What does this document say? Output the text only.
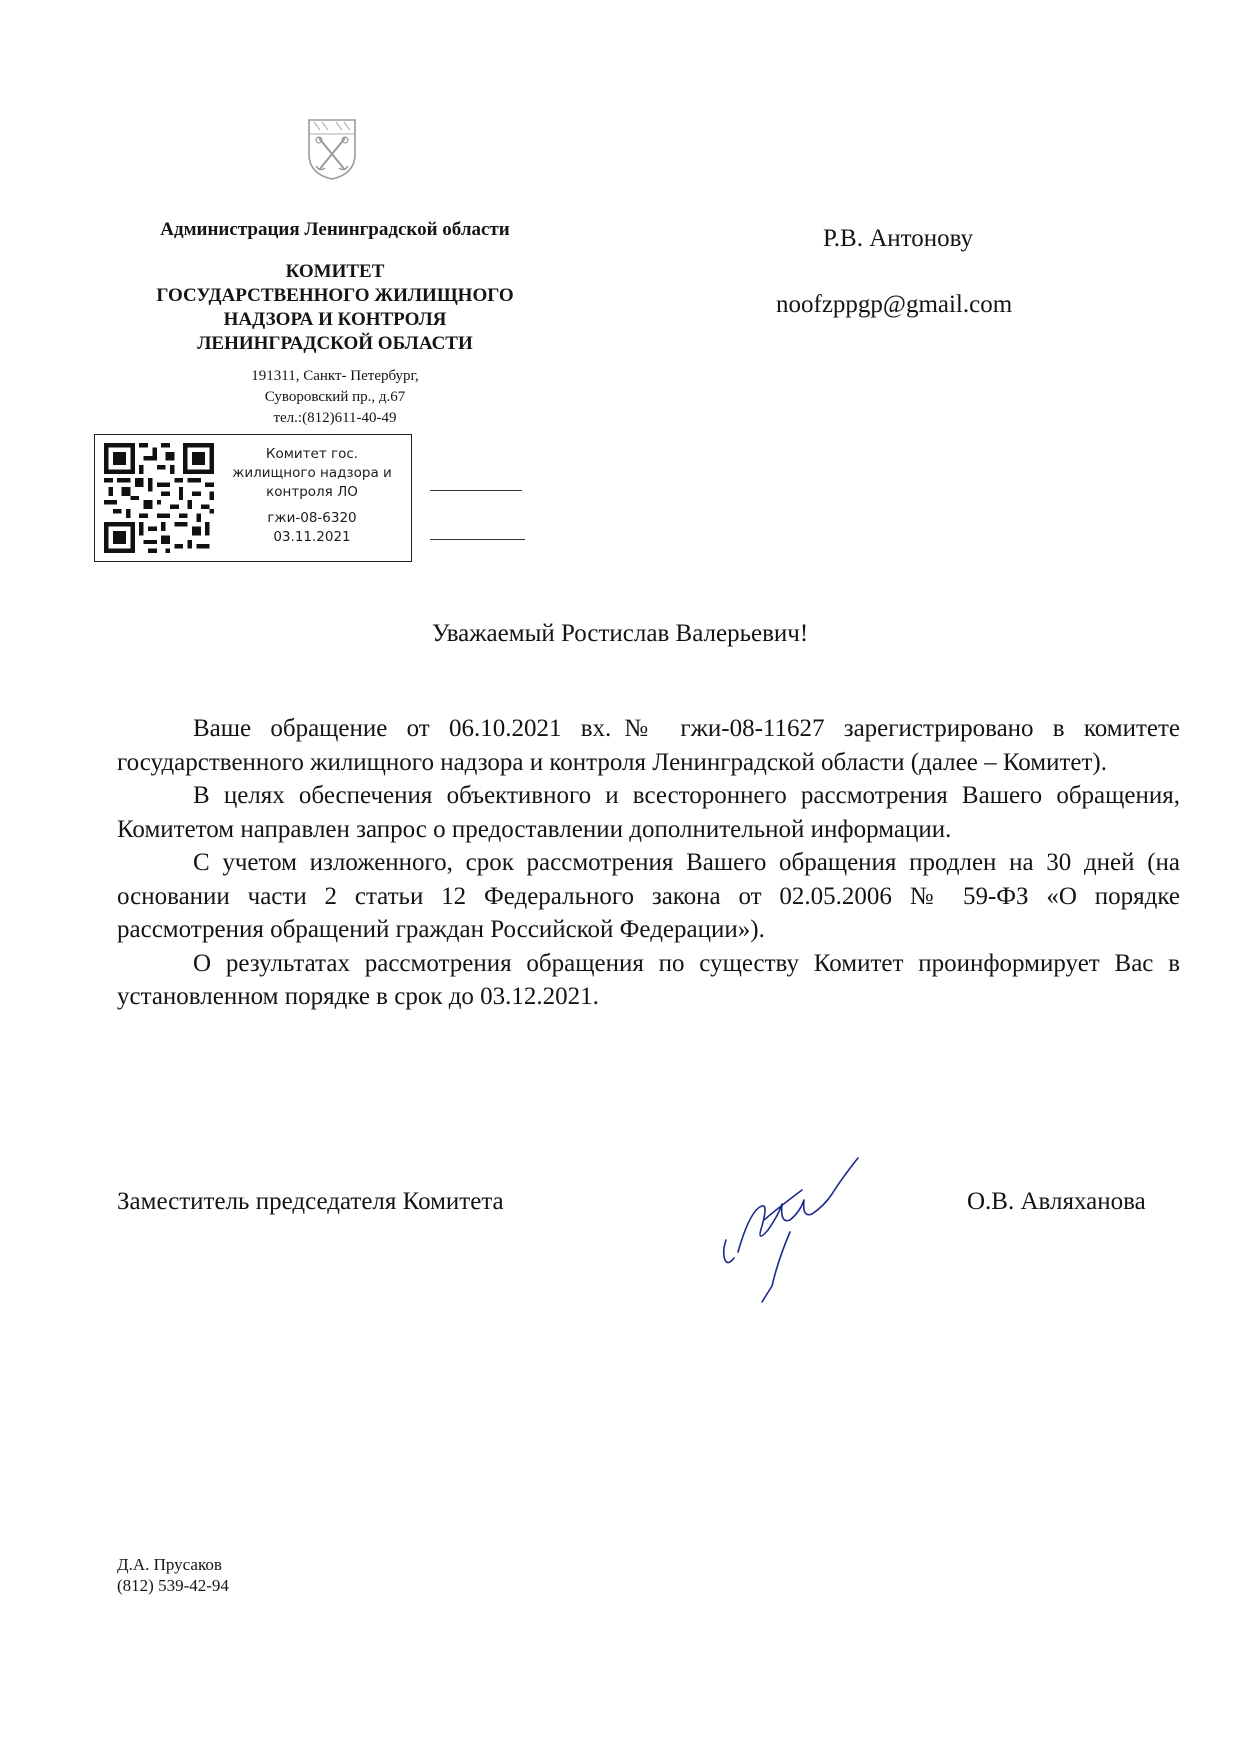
Администрация Ленинградской области
КОМИТЕТ
ГОСУДАРСТВЕННОГО ЖИЛИЩНОГО
НАДЗОРА И КОНТРОЛЯ
ЛЕНИНГРАДСКОЙ ОБЛАСТИ
191311, Санкт- Петербург,
Суворовский пр., д.67
тел.:(812)611-40-49
Комитет гос.
жилищного надзора и
контроля ЛО
гжи-08-6320
03.11.2021
Р.В. Антонову
noofzppgp@gmail.com
Уважаемый Ростислав Валерьевич!

Ваше обращение от 06.10.2021 вх.№ гжи-08-11627 зарегистрировано в комитете государственного жилищного надзора и контроля Ленинградской области (далее – Комитет).

В целях обеспечения объективного и всестороннего рассмотрения Вашего обращения, Комитетом направлен запрос о предоставлении дополнительной информации.

С учетом изложенного, срок рассмотрения Вашего обращения продлен на 30 дней (на основании части 2 статьи 12 Федерального закона от 02.05.2006 № 59-ФЗ «О порядке рассмотрения обращений граждан Российской Федерации»).

О результатах рассмотрения обращения по существу Комитет проинформирует Вас в установленном порядке в срок до 03.12.2021.

Заместитель председателя Комитета	О.В. Авляханова
Д.А. Прусаков
(812) 539-42-94
